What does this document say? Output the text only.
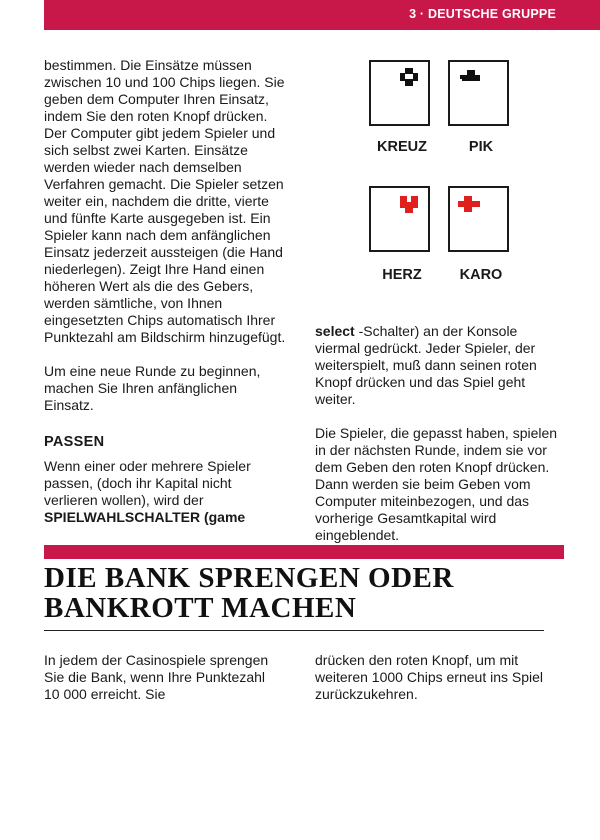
3 · DEUTSCHE GRUPPE

bestimmen. Die Einsätze müssen zwischen 10 und 100 Chips liegen. Sie geben dem Computer Ihren Einsatz, indem Sie den roten Knopf drücken. Der Computer gibt jedem Spieler und sich selbst zwei Karten. Einsätze werden wieder nach demselben Verfahren gemacht. Die Spieler setzen weiter ein, nachdem die dritte, vierte und fünfte Karte ausgegeben ist. Ein Spieler kann nach dem anfänglichen Einsatz jederzeit aussteigen (die Hand niederlegen). Zeigt Ihre Hand einen höheren Wert als die des Gebers, werden sämtliche, von Ihnen eingesetzten Chips automatisch Ihrer Punktezahl am Bildschirm hinzugefügt.

Um eine neue Runde zu beginnen, machen Sie Ihren anfänglichen Einsatz.

PASSEN
Wenn einer oder mehrere Spieler passen, (doch ihr Kapital nicht verlieren wollen), wird der SPIELWAHLSCHALTER (game
KREUZ	PIK
HERZ	KARO

select -Schalter) an der Konsole viermal gedrückt. Jeder Spieler, der weiterspielt, muß dann seinen roten Knopf drücken und das Spiel geht weiter.

Die Spieler, die gepasst haben, spielen in der nächsten Runde, indem sie vor dem Geben den roten Knopf drücken. Dann werden sie beim Geben vom Computer miteinbezogen, und das vorherige Gesamtkapital wird eingeblendet.

DIE BANK SPRENGEN ODER
BANKROTT MACHEN
In jedem der Casinospiele sprengen Sie die Bank, wenn Ihre Punktezahl 10 000 erreicht. Sie
drücken den roten Knopf, um mit weiteren 1000 Chips erneut ins Spiel zurückzukehren.
